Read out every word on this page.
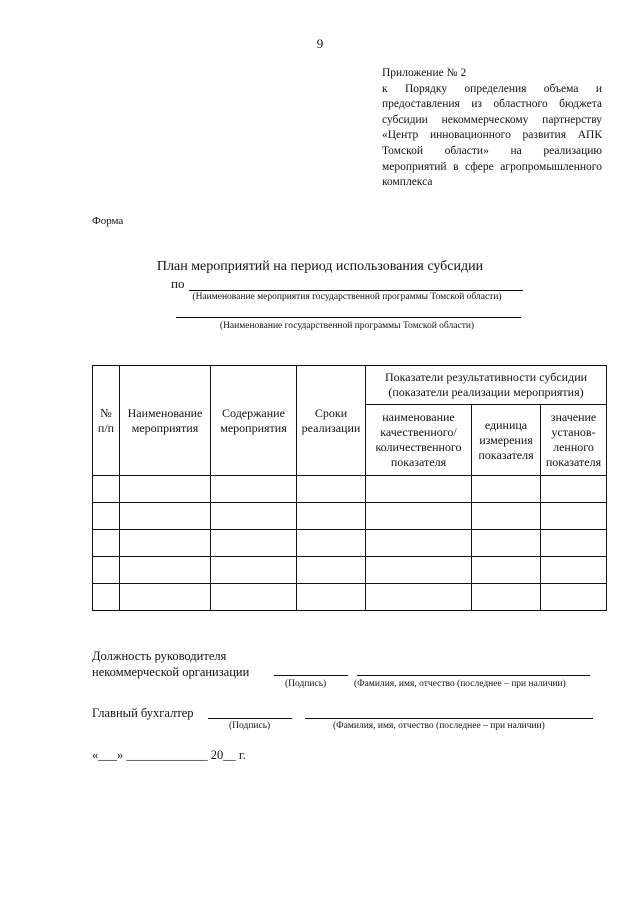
9
Приложение № 2
к Порядку определения объема и предоставления из областного бюджета субсидии некоммерческому партнерству «Центр инновационного развития АПК Томской области» на реализацию мероприятий в сфере агропромышленного комплекса
Форма
План мероприятий на период использования субсидии
по
(Наименование мероприятия государственной программы Томской области)
(Наименование государственной программы Томской области)
№ п/п	Наименование мероприятия	Содержание мероприятия	Сроки реализации	Показатели результативности субсидии (показатели реализации мероприятия)		
				наименование качественного/ количественного показателя	единица измерения показателя	значение установ-ленного показателя

Должность руководителя некоммерческой организации
(Подпись)	(Фамилия, имя, отчество (последнее – при наличии)
Главный бухгалтер
(Подпись)	(Фамилия, имя, отчество (последнее – при наличии)
«___» _____________ 20__ г.
